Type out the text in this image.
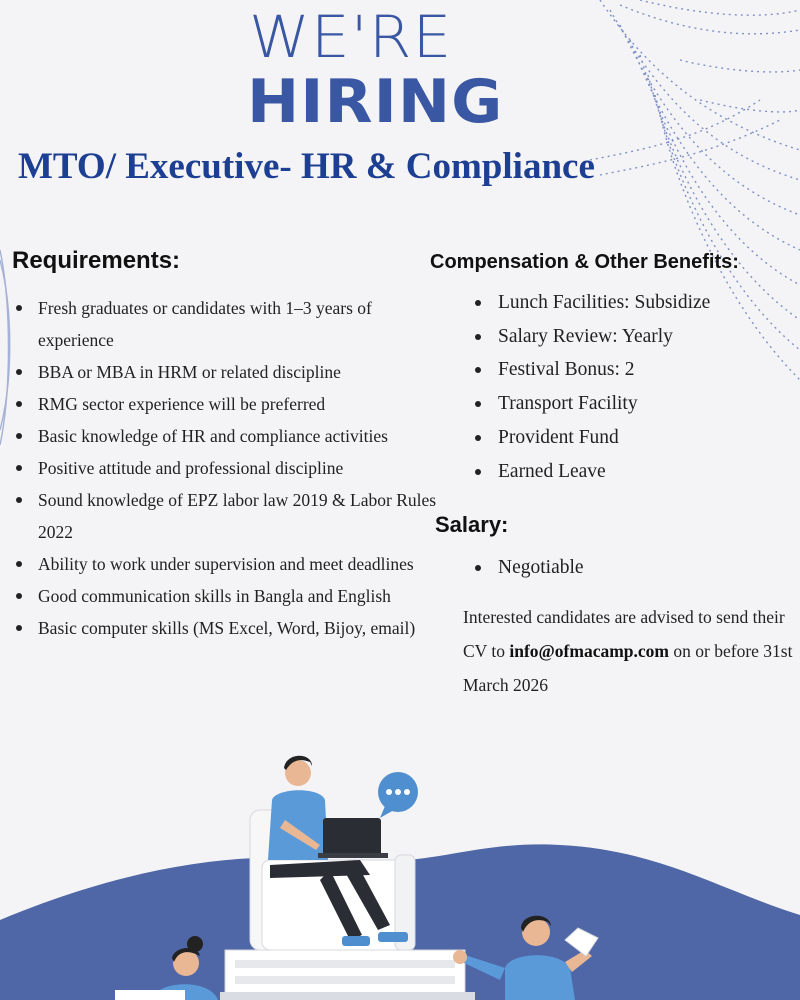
WE'RE
HIRING
MTO/ Executive- HR & Compliance
Requirements:
Fresh graduates or candidates with 1–3 years of experience
BBA or MBA in HRM or related discipline
RMG sector experience will be preferred
Basic knowledge of HR and compliance activities
Positive attitude and professional discipline
Sound knowledge of EPZ labor law 2019 & Labor Rules 2022
Ability to work under supervision and meet deadlines
Good communication skills in Bangla and English
Basic computer skills (MS Excel, Word, Bijoy, email)
Compensation & Other Benefits:
Lunch Facilities: Subsidize
Salary Review: Yearly
Festival Bonus: 2
Transport Facility
Provident Fund
Earned Leave
Salary:
Negotiable
Interested candidates are advised to send their CV to info@ofmacamp.com on or before 31st March 2026
